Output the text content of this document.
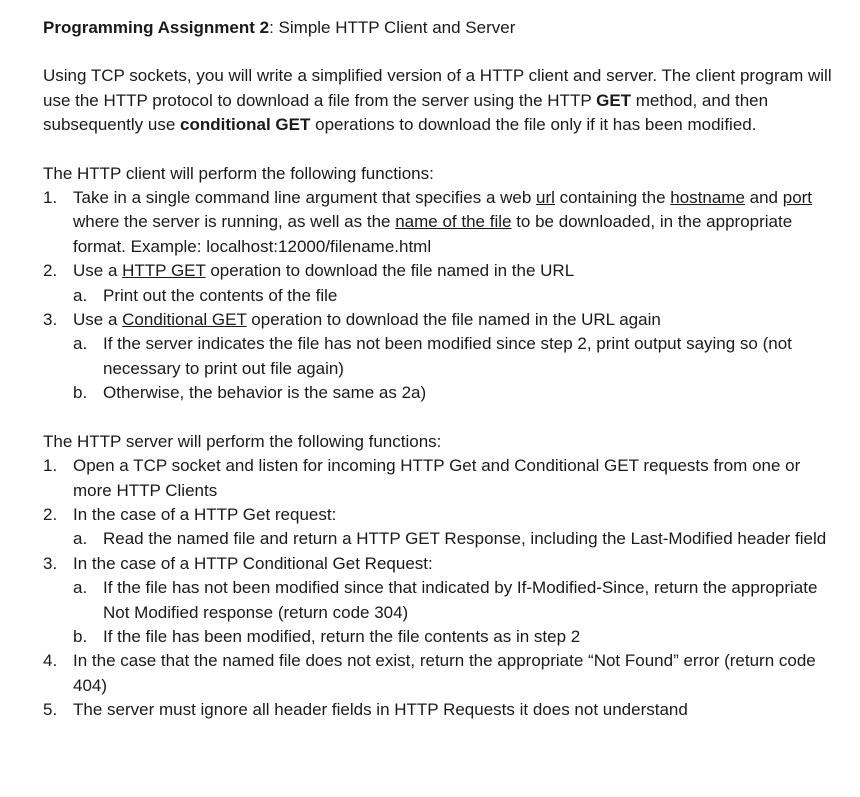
Programming Assignment 2: Simple HTTP Client and Server

Using TCP sockets, you will write a simplified version of a HTTP client and server. The client program will use the HTTP protocol to download a file from the server using the HTTP GET method, and then subsequently use conditional GET operations to download the file only if it has been modified.

The HTTP client will perform the following functions:

1. Take in a single command line argument that specifies a web url containing the hostname and port where the server is running, as well as the name of the file to be downloaded, in the appropriate format. Example: localhost:12000/filename.html
2. Use a HTTP GET operation to download the file named in the URL
a. Print out the contents of the file
3. Use a Conditional GET operation to download the file named in the URL again
a. If the server indicates the file has not been modified since step 2, print output saying so (not necessary to print out file again)
b. Otherwise, the behavior is the same as 2a)

The HTTP server will perform the following functions:

1. Open a TCP socket and listen for incoming HTTP Get and Conditional GET requests from one or more HTTP Clients
2. In the case of a HTTP Get request:
a. Read the named file and return a HTTP GET Response, including the Last-Modified header field
3. In the case of a HTTP Conditional Get Request:
a. If the file has not been modified since that indicated by If-Modified-Since, return the appropriate Not Modified response (return code 304)
b. If the file has been modified, return the file contents as in step 2
4. In the case that the named file does not exist, return the appropriate “Not Found” error (return code 404)
5. The server must ignore all header fields in HTTP Requests it does not understand
